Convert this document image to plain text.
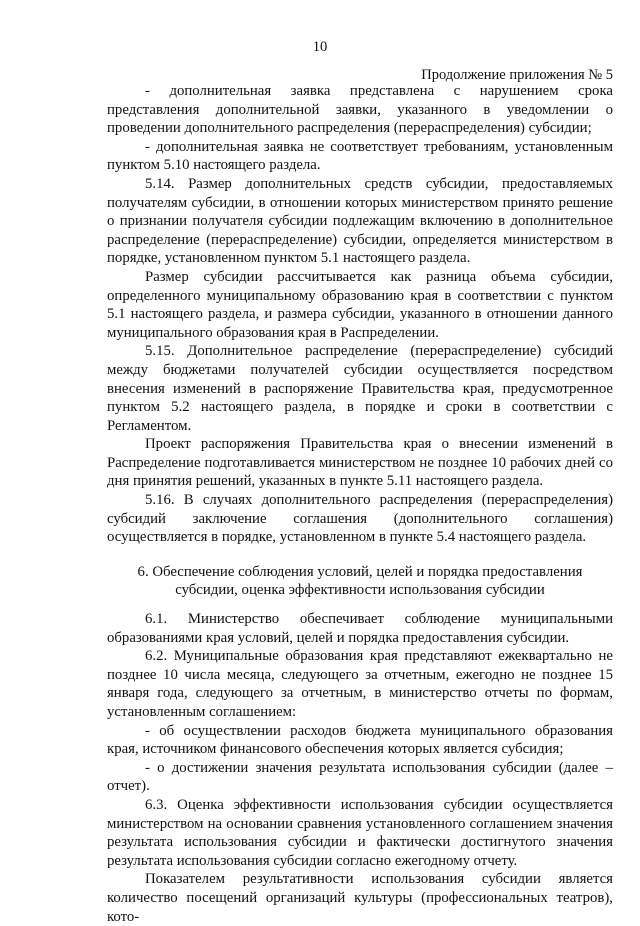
10
Продолжение приложения № 5

- дополнительная заявка представлена с нарушением срока представления дополнительной заявки, указанного в уведомлении о проведении дополнительного распределения (перераспределения) субсидии;

- дополнительная заявка не соответствует требованиям, установленным пунктом 5.10 настоящего раздела.

5.14. Размер дополнительных средств субсидии, предоставляемых получателям субсидии, в отношении которых министерством принято решение о признании получателя субсидии подлежащим включению в дополнительное распределение (перераспределение) субсидии, определяется министерством в порядке, установленном пунктом 5.1 настоящего раздела.

Размер субсидии рассчитывается как разница объема субсидии, определенного муниципальному образованию края в соответствии с пунктом 5.1 настоящего раздела, и размера субсидии, указанного в отношении данного муниципального образования края в Распределении.

5.15. Дополнительное распределение (перераспределение) субсидий между бюджетами получателей субсидии осуществляется посредством внесения изменений в распоряжение Правительства края, предусмотренное пунктом 5.2 настоящего раздела, в порядке и сроки в соответствии с Регламентом.

Проект распоряжения Правительства края о внесении изменений в Распределение подготавливается министерством не позднее 10 рабочих дней со дня принятия решений, указанных в пункте 5.11 настоящего раздела.

5.16. В случаях дополнительного распределения (перераспределения) субсидий заключение соглашения (дополнительного соглашения) осуществляется в порядке, установленном в пункте 5.4 настоящего раздела.

6. Обеспечение соблюдения условий, целей и порядка предоставления субсидии, оценка эффективности использования субсидии

6.1. Министерство обеспечивает соблюдение муниципальными образованиями края условий, целей и порядка предоставления субсидии.

6.2. Муниципальные образования края представляют ежеквартально не позднее 10 числа месяца, следующего за отчетным, ежегодно не позднее 15 января года, следующего за отчетным, в министерство отчеты по формам, установленным соглашением:

- об осуществлении расходов бюджета муниципального образования края, источником финансового обеспечения которых является субсидия;

- о достижении значения результата использования субсидии (далее – отчет).

6.3. Оценка эффективности использования субсидии осуществляется министерством на основании сравнения установленного соглашением значения результата использования субсидии и фактически достигнутого значения результата использования субсидии согласно ежегодному отчету.

Показателем результативности использования субсидии является количество посещений организаций культуры (профессиональных театров), кото-
